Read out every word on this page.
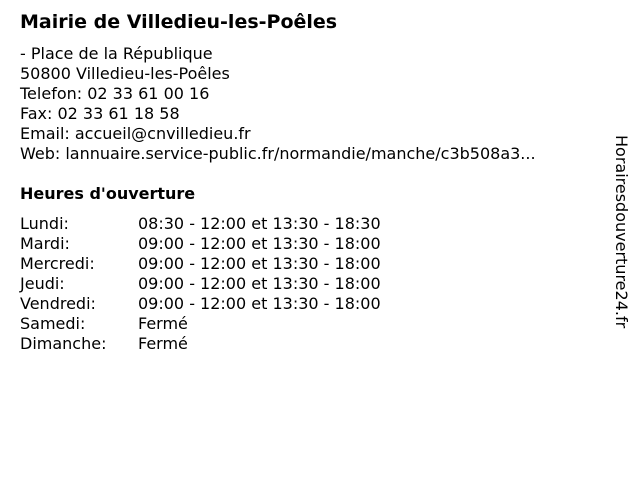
Mairie de Villedieu-les-Poêles
- Place de la République
50800 Villedieu-les-Poêles
Telefon: 02 33 61 00 16
Fax: 02 33 61 18 58
Email: accueil@cnvilledieu.fr
Web: lannuaire.service-public.fr/normandie/manche/c3b508a3...
Heures d'ouverture
Lundi:	08:30 - 12:00 et 13:30 - 18:30
Mardi:	09:00 - 12:00 et 13:30 - 18:00
Mercredi:	09:00 - 12:00 et 13:30 - 18:00
Jeudi:	09:00 - 12:00 et 13:30 - 18:00
Vendredi:	09:00 - 12:00 et 13:30 - 18:00
Samedi:	Fermé
Dimanche: Fermé
Horairesdouverture24.fr
